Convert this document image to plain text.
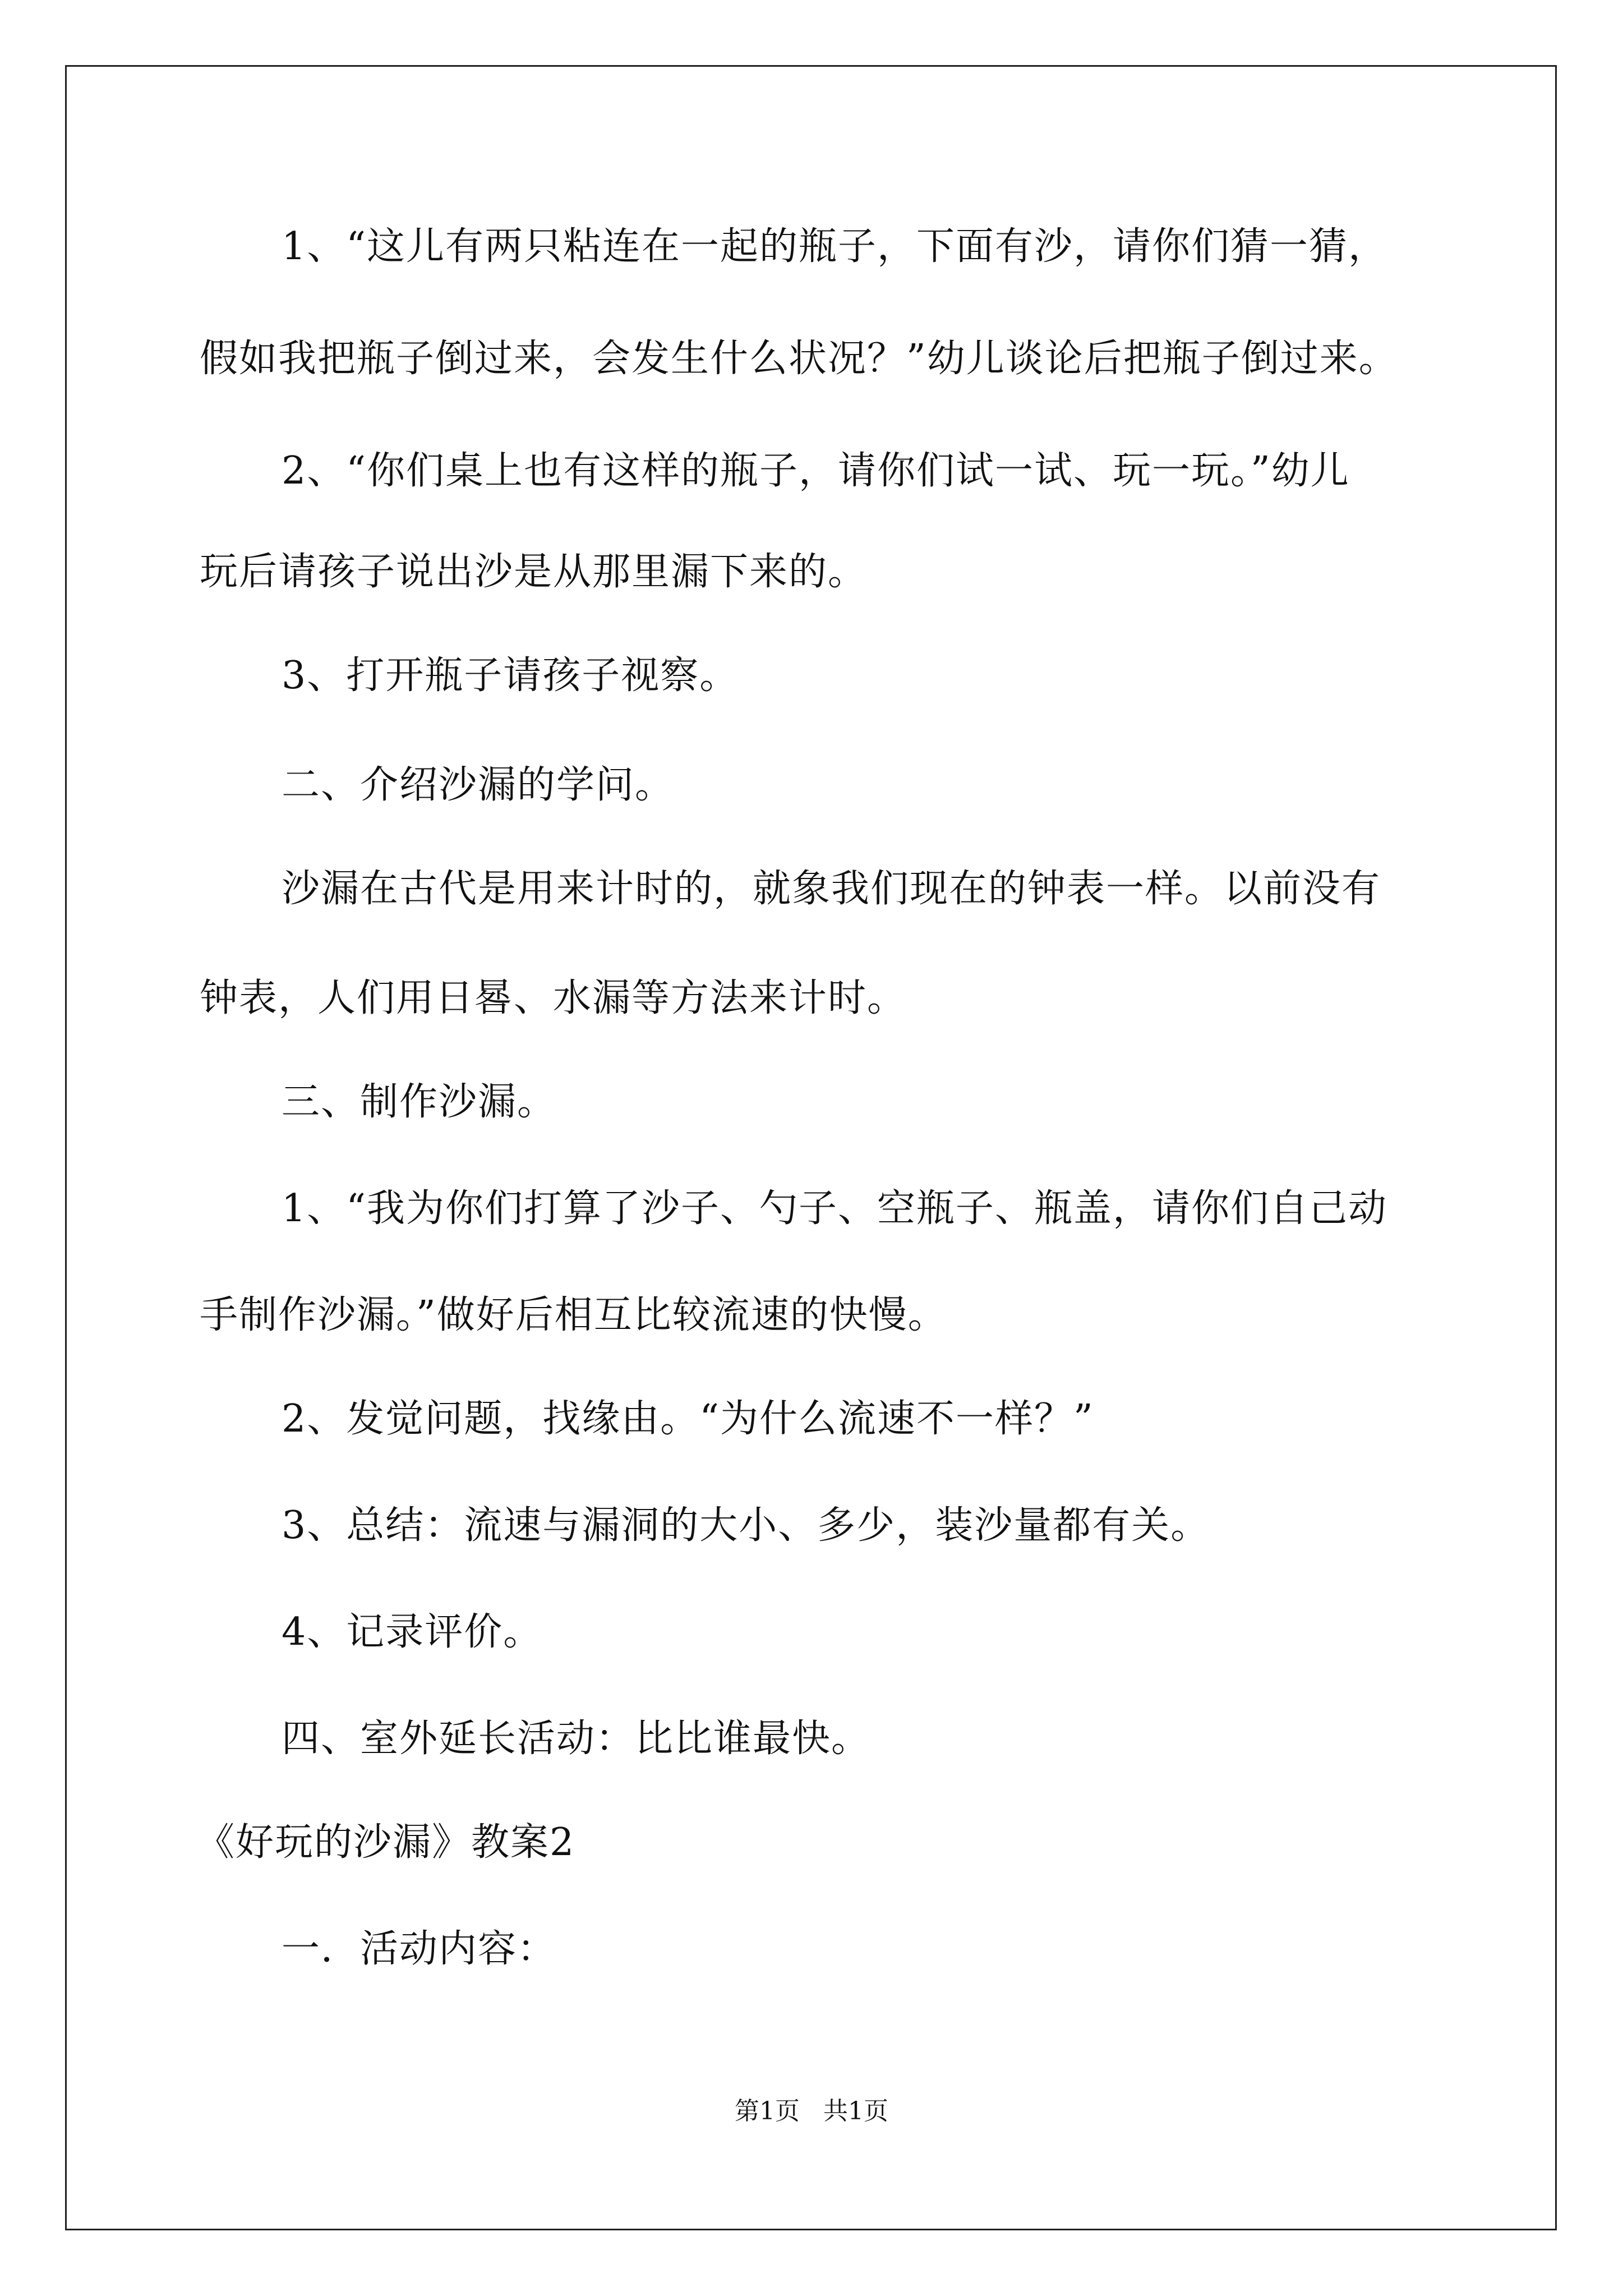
1、“这儿有两只粘连在一起的瓶子，下面有沙，请你们猜一猜，
假如我把瓶子倒过来，会发生什么状况？”幼儿谈论后把瓶子倒过来。
2、“你们桌上也有这样的瓶子，请你们试一试、玩一玩。”幼儿
玩后请孩子说出沙是从那里漏下来的。
3、打开瓶子请孩子视察。
二、介绍沙漏的学问。
沙漏在古代是用来计时的，就象我们现在的钟表一样。以前没有
钟表，人们用日晷、水漏等方法来计时。
三、制作沙漏。
1、“我为你们打算了沙子、勺子、空瓶子、瓶盖，请你们自己动
手制作沙漏。”做好后相互比较流速的快慢。
2、发觉问题，找缘由。“为什么流速不一样？”
3、总结：流速与漏洞的大小、多少，装沙量都有关。
4、记录评价。
四、室外延长活动：比比谁最快。
《好玩的沙漏》教案2
一．活动内容：
第1页   共1页
